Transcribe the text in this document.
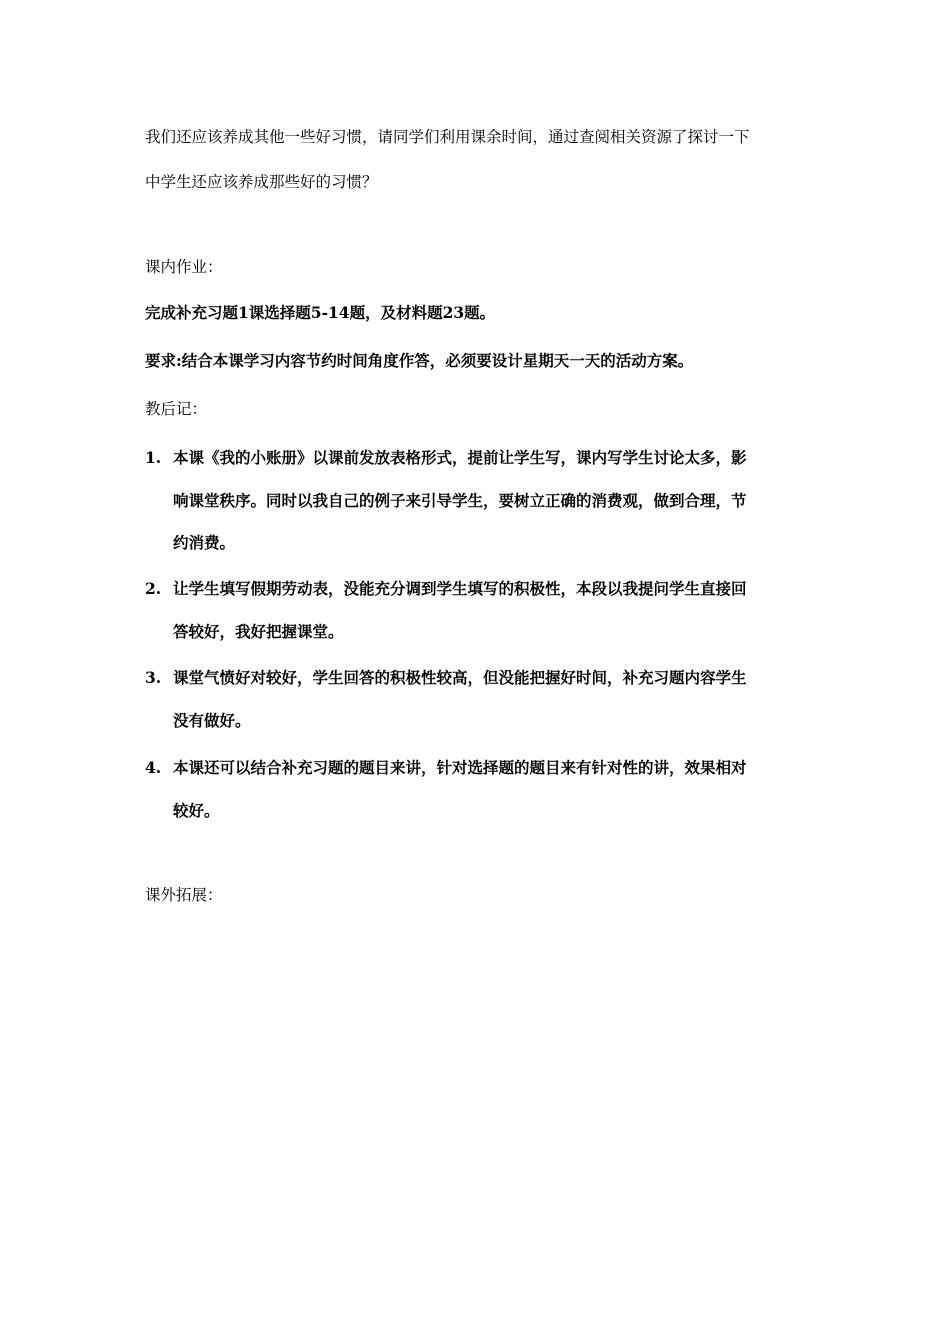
我们还应该养成其他一些好习惯，请同学们利用课余时间，通过查阅相关资源了探讨一下
中学生还应该养成那些好的习惯？
课内作业：
完成补充习题1课选择题5-14题，及材料题23题。
要求:结合本课学习内容节约时间角度作答，必须要设计星期天一天的活动方案。
教后记：
1. 本课《我的小账册》以课前发放表格形式，提前让学生写，课内写学生讨论太多，影
响课堂秩序。同时以我自己的例子来引导学生，要树立正确的消费观，做到合理，节
约消费。
2. 让学生填写假期劳动表，没能充分调到学生填写的积极性，本段以我提问学生直接回
答较好，我好把握课堂。
3. 课堂气愤好对较好，学生回答的积极性较高，但没能把握好时间，补充习题内容学生
没有做好。
4. 本课还可以结合补充习题的题目来讲，针对选择题的题目来有针对性的讲，效果相对
较好。
课外拓展：
